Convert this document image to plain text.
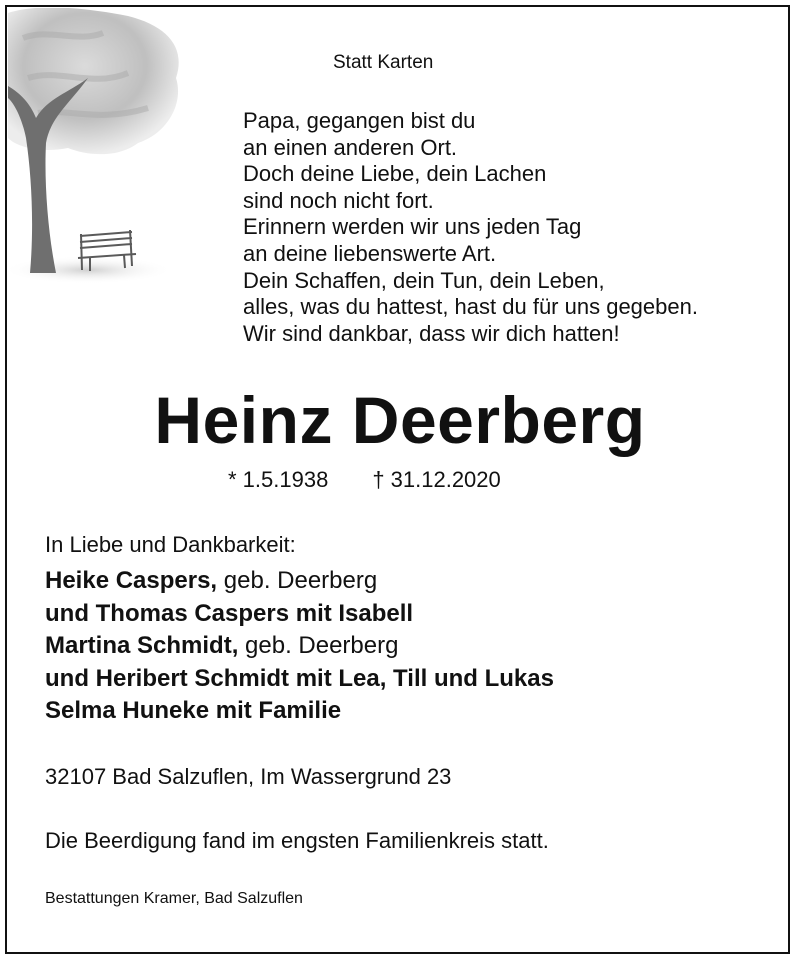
Statt Karten
Papa, gegangen bist du
an einen anderen Ort.
Doch deine Liebe, dein Lachen
sind noch nicht fort.
Erinnern werden wir uns jeden Tag
an deine liebenswerte Art.
Dein Schaffen, dein Tun, dein Leben,
alles, was du hattest, hast du für uns gegeben.
Wir sind dankbar, dass wir dich hatten!
Heinz Deerberg
* 1.5.1938 † 31.12.2020
In Liebe und Dankbarkeit:
Heike Caspers, geb. Deerberg
und Thomas Caspers mit Isabell
Martina Schmidt, geb. Deerberg
und Heribert Schmidt mit Lea, Till und Lukas
Selma Huneke mit Familie
32107 Bad Salzuflen, Im Wassergrund 23
Die Beerdigung fand im engsten Familienkreis statt.
Bestattungen Kramer, Bad Salzuflen
